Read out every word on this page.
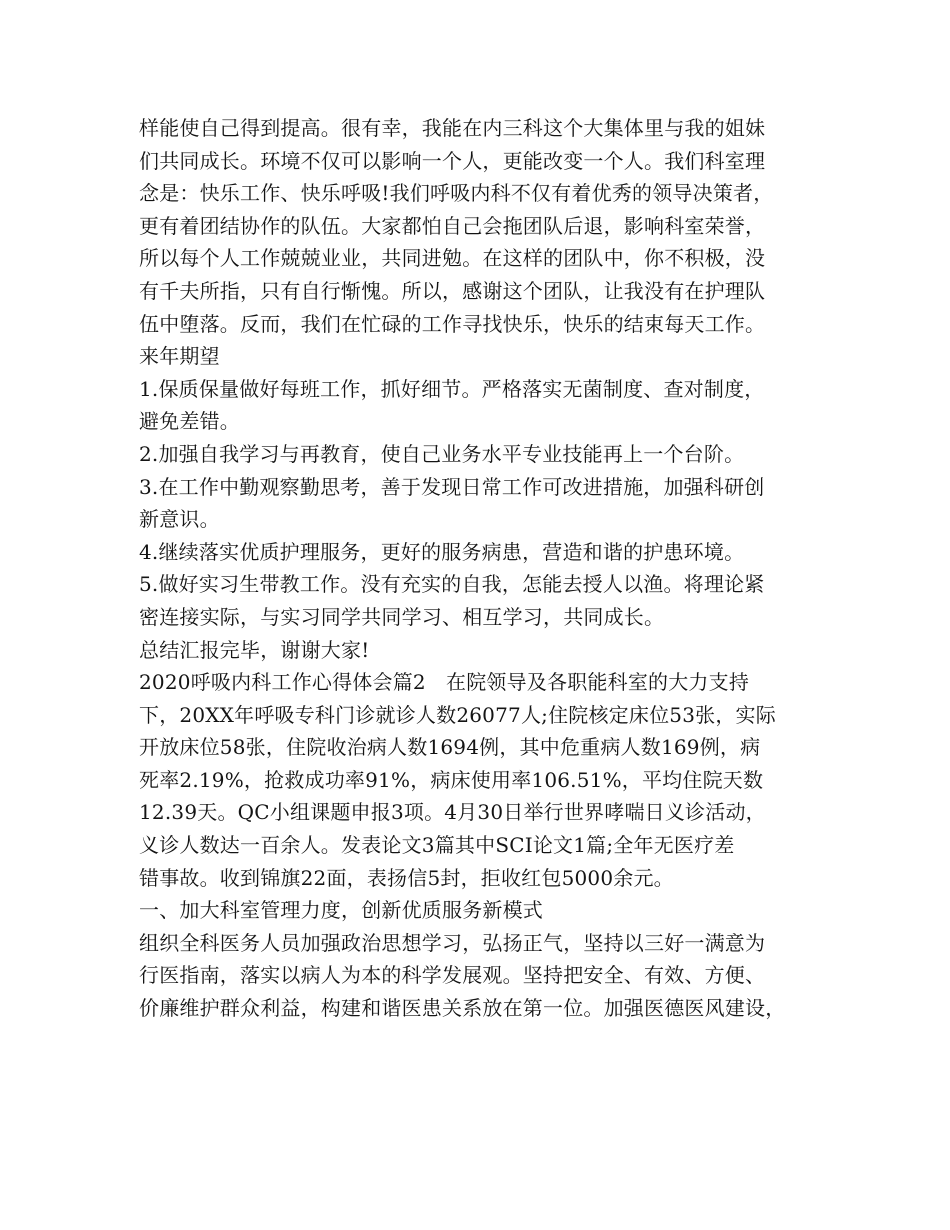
样能使自己得到提高。很有幸，我能在内三科这个大集体里与我的姐妹
们共同成长。环境不仅可以影响一个人，更能改变一个人。我们科室理
念是：快乐工作、快乐呼吸!我们呼吸内科不仅有着优秀的领导决策者，
更有着团结协作的队伍。大家都怕自己会拖团队后退，影响科室荣誉，
所以每个人工作兢兢业业，共同进勉。在这样的团队中，你不积极，没
有千夫所指，只有自行惭愧。所以，感谢这个团队，让我没有在护理队
伍中堕落。反而，我们在忙碌的工作寻找快乐，快乐的结束每天工作。
来年期望
1.保质保量做好每班工作，抓好细节。严格落实无菌制度、查对制度，
避免差错。
2.加强自我学习与再教育，使自己业务水平专业技能再上一个台阶。
3.在工作中勤观察勤思考，善于发现日常工作可改进措施，加强科研创
新意识。
4.继续落实优质护理服务，更好的服务病患，营造和谐的护患环境。
5.做好实习生带教工作。没有充实的自我，怎能去授人以渔。将理论紧
密连接实际，与实习同学共同学习、相互学习，共同成长。
总结汇报完毕，谢谢大家!
2020呼吸内科工作心得体会篇2　在院领导及各职能科室的大力支持
下，20XX年呼吸专科门诊就诊人数26077人;住院核定床位53张，实际
开放床位58张，住院收治病人数1694例，其中危重病人数169例，病
死率2.19%，抢救成功率91%，病床使用率106.51%，平均住院天数
12.39天。QC小组课题申报3项。4月30日举行世界哮喘日义诊活动，
义诊人数达一百余人。发表论文3篇其中SCI论文1篇;全年无医疗差
错事故。收到锦旗22面，表扬信5封，拒收红包5000余元。
一、加大科室管理力度，创新优质服务新模式
组织全科医务人员加强政治思想学习，弘扬正气，坚持以三好一满意为
行医指南，落实以病人为本的科学发展观。坚持把安全、有效、方便、
价廉维护群众利益，构建和谐医患关系放在第一位。加强医德医风建设，
